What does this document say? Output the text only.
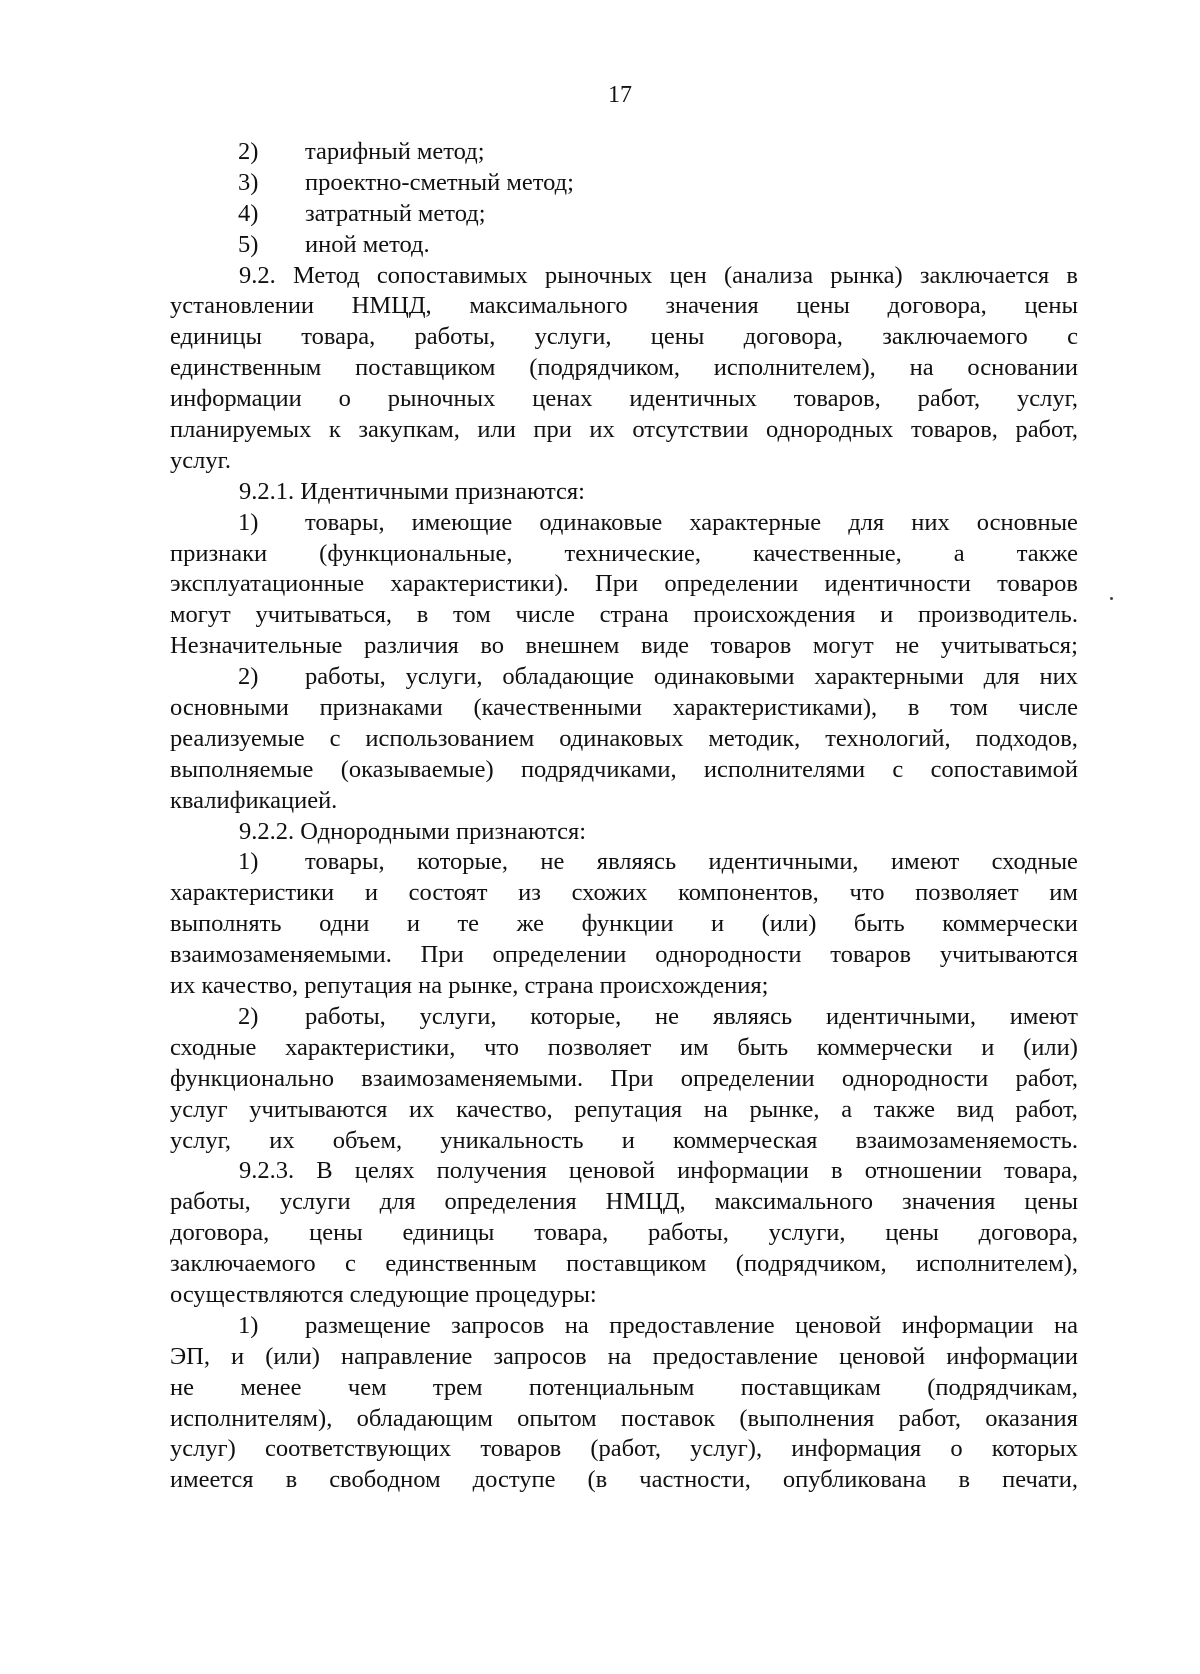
17
2) тарифный метод;
3) проектно-сметный метод;
4) затратный метод;
5) иной метод.
9.2. Метод сопоставимых рыночных цен (анализа рынка) заключается в
установлении НМЦД, максимального значения цены договора, цены
единицы товара, работы, услуги, цены договора, заключаемого с
единственным поставщиком (подрядчиком, исполнителем), на основании
информации о рыночных ценах идентичных товаров, работ, услуг,
планируемых к закупкам, или при их отсутствии однородных товаров, работ,
услуг.
9.2.1. Идентичными признаются:
1) товары, имеющие одинаковые характерные для них основные
признаки (функциональные, технические, качественные, а также
эксплуатационные характеристики). При определении идентичности товаров
могут учитываться, в том числе страна происхождения и производитель.
Незначительные различия во внешнем виде товаров могут не учитываться;
2) работы, услуги, обладающие одинаковыми характерными для них
основными признаками (качественными характеристиками), в том числе
реализуемые с использованием одинаковых методик, технологий, подходов,
выполняемые (оказываемые) подрядчиками, исполнителями с сопоставимой
квалификацией.
9.2.2. Однородными признаются:
1) товары, которые, не являясь идентичными, имеют сходные
характеристики и состоят из схожих компонентов, что позволяет им
выполнять одни и те же функции и (или) быть коммерчески
взаимозаменяемыми. При определении однородности товаров учитываются
их качество, репутация на рынке, страна происхождения;
2) работы, услуги, которые, не являясь идентичными, имеют
сходные характеристики, что позволяет им быть коммерчески и (или)
функционально взаимозаменяемыми. При определении однородности работ,
услуг учитываются их качество, репутация на рынке, а также вид работ,
услуг, их объем, уникальность и коммерческая взаимозаменяемость.
9.2.3. В целях получения ценовой информации в отношении товара,
работы, услуги для определения НМЦД, максимального значения цены
договора, цены единицы товара, работы, услуги, цены договора,
заключаемого с единственным поставщиком (подрядчиком, исполнителем),
осуществляются следующие процедуры:
1) размещение запросов на предоставление ценовой информации на
ЭП, и (или) направление запросов на предоставление ценовой информации
не менее чем трем потенциальным поставщикам (подрядчикам,
исполнителям), обладающим опытом поставок (выполнения работ, оказания
услуг) соответствующих товаров (работ, услуг), информация о которых
имеется в свободном доступе (в частности, опубликована в печати,
